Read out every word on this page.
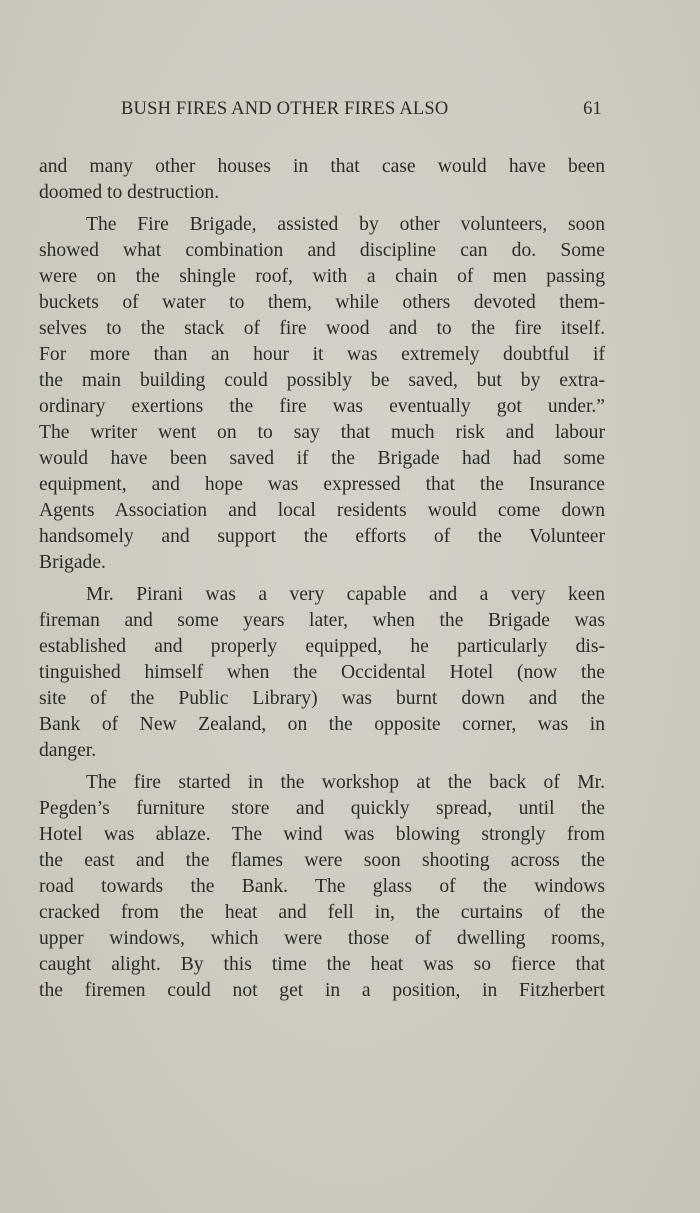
BUSH FIRES AND OTHER FIRES ALSO	61
and many other houses in that case would have been
doomed to destruction.
The Fire Brigade, assisted by other volunteers, soon
showed what combination and discipline can do. Some
were on the shingle roof, with a chain of men passing
buckets of water to them, while others devoted them-
selves to the stack of fire wood and to the fire itself.
For more than an hour it was extremely doubtful if
the main building could possibly be saved, but by extra-
ordinary exertions the fire was eventually got under.”
The writer went on to say that much risk and labour
would have been saved if the Brigade had had some
equipment, and hope was expressed that the Insurance
Agents Association and local residents would come down
handsomely and support the efforts of the Volunteer
Brigade.
Mr. Pirani was a very capable and a very keen
fireman and some years later, when the Brigade was
established and properly equipped, he particularly dis-
tinguished himself when the Occidental Hotel (now the
site of the Public Library) was burnt down and the
Bank of New Zealand, on the opposite corner, was in
danger.
The fire started in the workshop at the back of Mr.
Pegden’s furniture store and quickly spread, until the
Hotel was ablaze. The wind was blowing strongly from
the east and the flames were soon shooting across the
road towards the Bank. The glass of the windows
cracked from the heat and fell in, the curtains of the
upper windows, which were those of dwelling rooms,
caught alight. By this time the heat was so fierce that
the firemen could not get in a position, in Fitzherbert
